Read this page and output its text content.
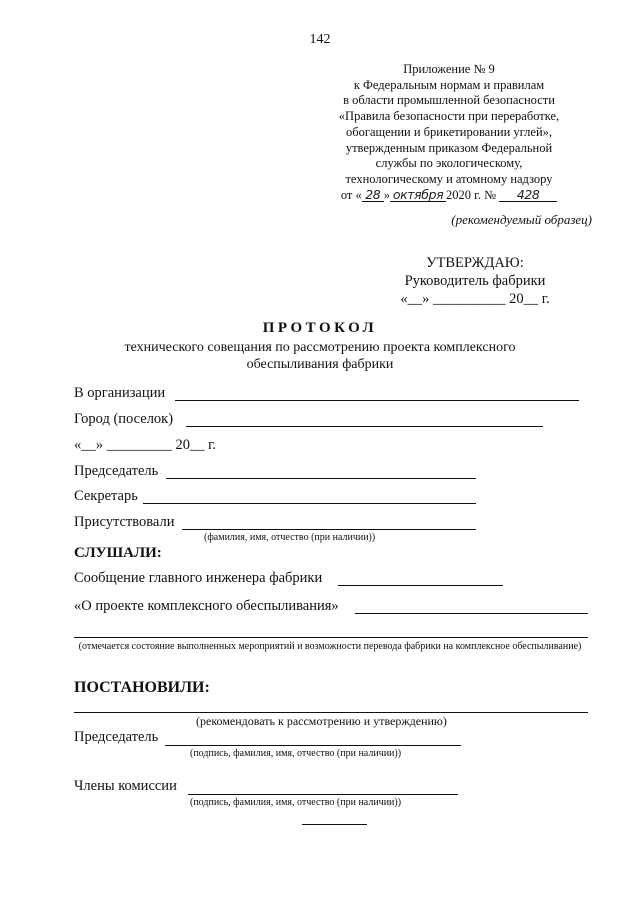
142
Приложение № 9
к Федеральным нормам и правилам
в области промышленной безопасности
«Правила безопасности при переработке,
обогащении и брикетировании углей»,
утвержденным приказом Федеральной
службы по экологическому,
технологическому и атомному надзору
от « 28 » октября 2020 г. № 428
(рекомендуемый образец)
УТВЕРЖДАЮ:
Руководитель фабрики
«__» __________ 20__ г.
ПРОТОКОЛ
технического совещания по рассмотрению проекта комплексного обеспыливания фабрики
В организации
Город (поселок)
«__» _________ 20__ г.
Председатель
Секретарь
Присутствовали
(фамилия, имя, отчество (при наличии))
СЛУШАЛИ:
Сообщение главного инженера фабрики
«О проекте комплексного обеспыливания»
(отмечается состояние выполненных мероприятий и возможности перевода фабрики на комплексное обеспыливание)
ПОСТАНОВИЛИ:
(рекомендовать к рассмотрению и утверждению)
Председатель
(подпись, фамилия, имя, отчество (при наличии))
Члены комиссии
(подпись, фамилия, имя, отчество (при наличии))
